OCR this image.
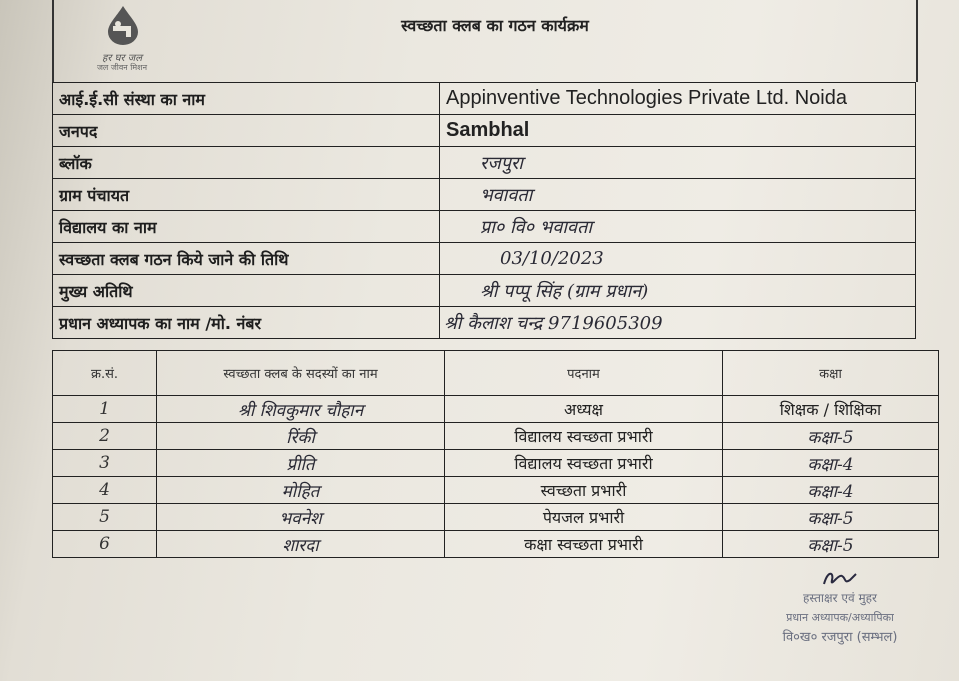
हर घर जल
जल जीवन मिशन
स्वच्छता क्लब का गठन कार्यक्रम
आई.ई.सी संस्था का नाम	Appinventive Technologies Private Ltd. Noida
जनपद	Sambhal
ब्लॉक	रजपुरा
ग्राम पंचायत	भवावता
विद्यालय का नाम	प्रा० वि० भवावता
स्वच्छता क्लब गठन किये जाने की तिथि	03/10/2023
मुख्य अतिथि	श्री पप्पू सिंह (ग्राम प्रधान)
प्रधान अध्यापक का नाम /मो. नंबर	श्री कैलाश चन्द्र 9719605309
क्र.सं.	स्वच्छता क्लब के सदस्यों का नाम	पदनाम	कक्षा
1	श्री शिवकुमार चौहान	अध्यक्ष	शिक्षक / शिक्षिका
2	रिंकी	विद्यालय स्वच्छता प्रभारी	कक्षा-5
3	प्रीति	विद्यालय स्वच्छता प्रभारी	कक्षा-4
4	मोहित	स्वच्छता प्रभारी	कक्षा-4
5	भवनेश	पेयजल प्रभारी	कक्षा-5
6	शारदा	कक्षा स्वच्छता प्रभारी	कक्षा-5
हस्ताक्षर एवं मुहर
प्रधान अध्यापक/अध्यापिका
वि०ख० रजपुरा (सम्भल)
